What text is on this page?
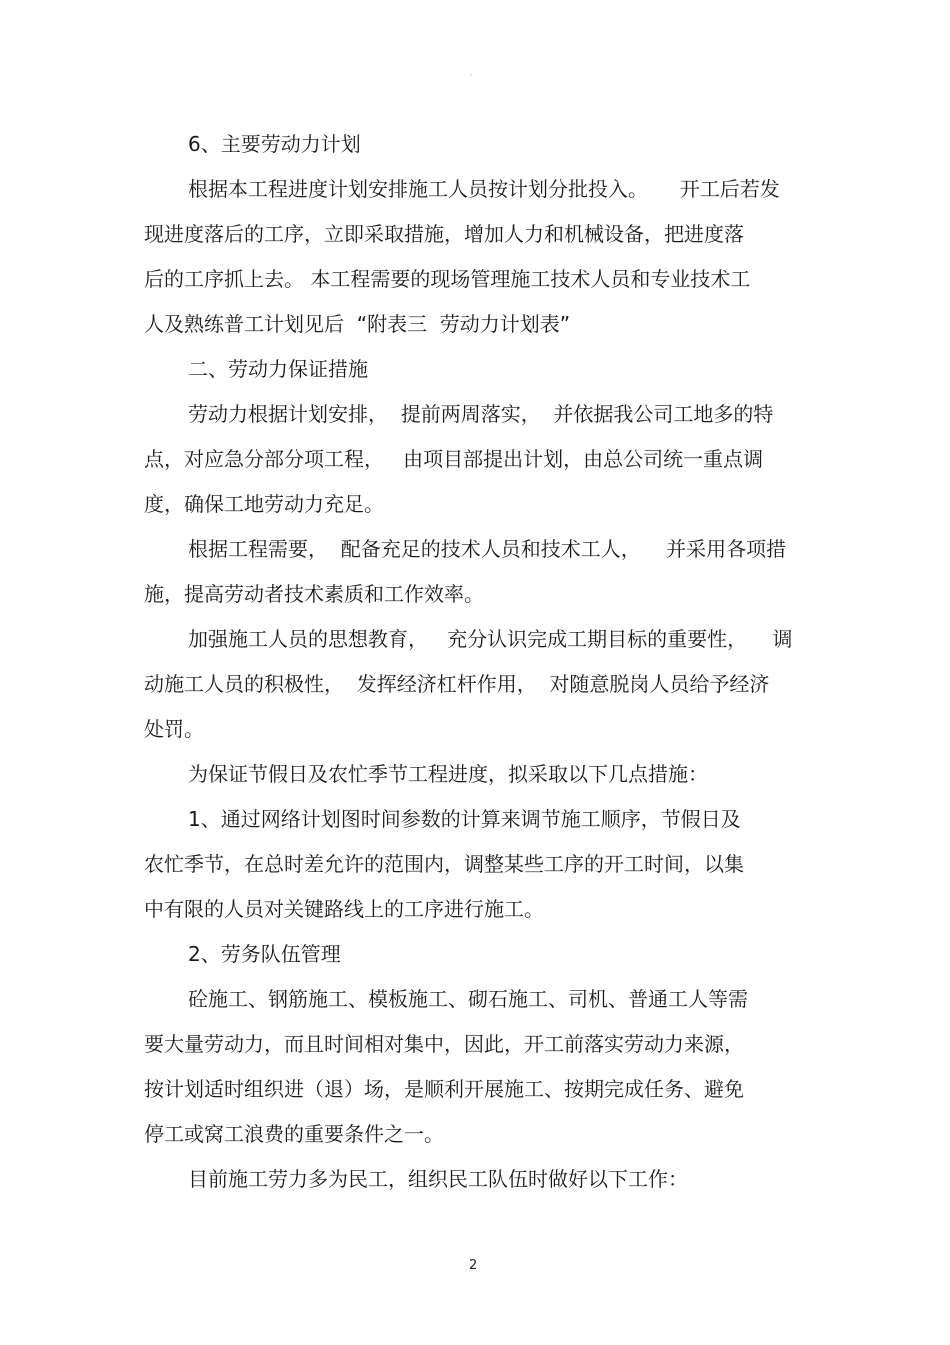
·
6、主要劳动力计划
根据本工程进度计划安排施工人员按计划分批投入。     开工后若发
现进度落后的工序，立即采取措施，增加人力和机械设备，把进度落
后的工序抓上去。 本工程需要的现场管理施工技术人员和专业技术工
人及熟练普工计划见后  “附表三  劳动力计划表”
二、劳动力保证措施
劳动力根据计划安排，  提前两周落实，  并依据我公司工地多的特
点，对应急分部分项工程，   由项目部提出计划，由总公司统一重点调
度，确保工地劳动力充足。
根据工程需要，  配备充足的技术人员和技术工人，    并采用各项措
施，提高劳动者技术素质和工作效率。
加强施工人员的思想教育，   充分认识完成工期目标的重要性，    调
动施工人员的积极性，  发挥经济杠杆作用，  对随意脱岗人员给予经济
处罚。
为保证节假日及农忙季节工程进度，拟采取以下几点措施：
1、通过网络计划图时间参数的计算来调节施工顺序，节假日及
农忙季节，在总时差允许的范围内，调整某些工序的开工时间，以集
中有限的人员对关键路线上的工序进行施工。
2、劳务队伍管理
砼施工、钢筋施工、模板施工、砌石施工、司机、普通工人等需
要大量劳动力，而且时间相对集中，因此，开工前落实劳动力来源，
按计划适时组织进（退）场，是顺利开展施工、按期完成任务、避免
停工或窝工浪费的重要条件之一。
目前施工劳力多为民工，组织民工队伍时做好以下工作：
2
